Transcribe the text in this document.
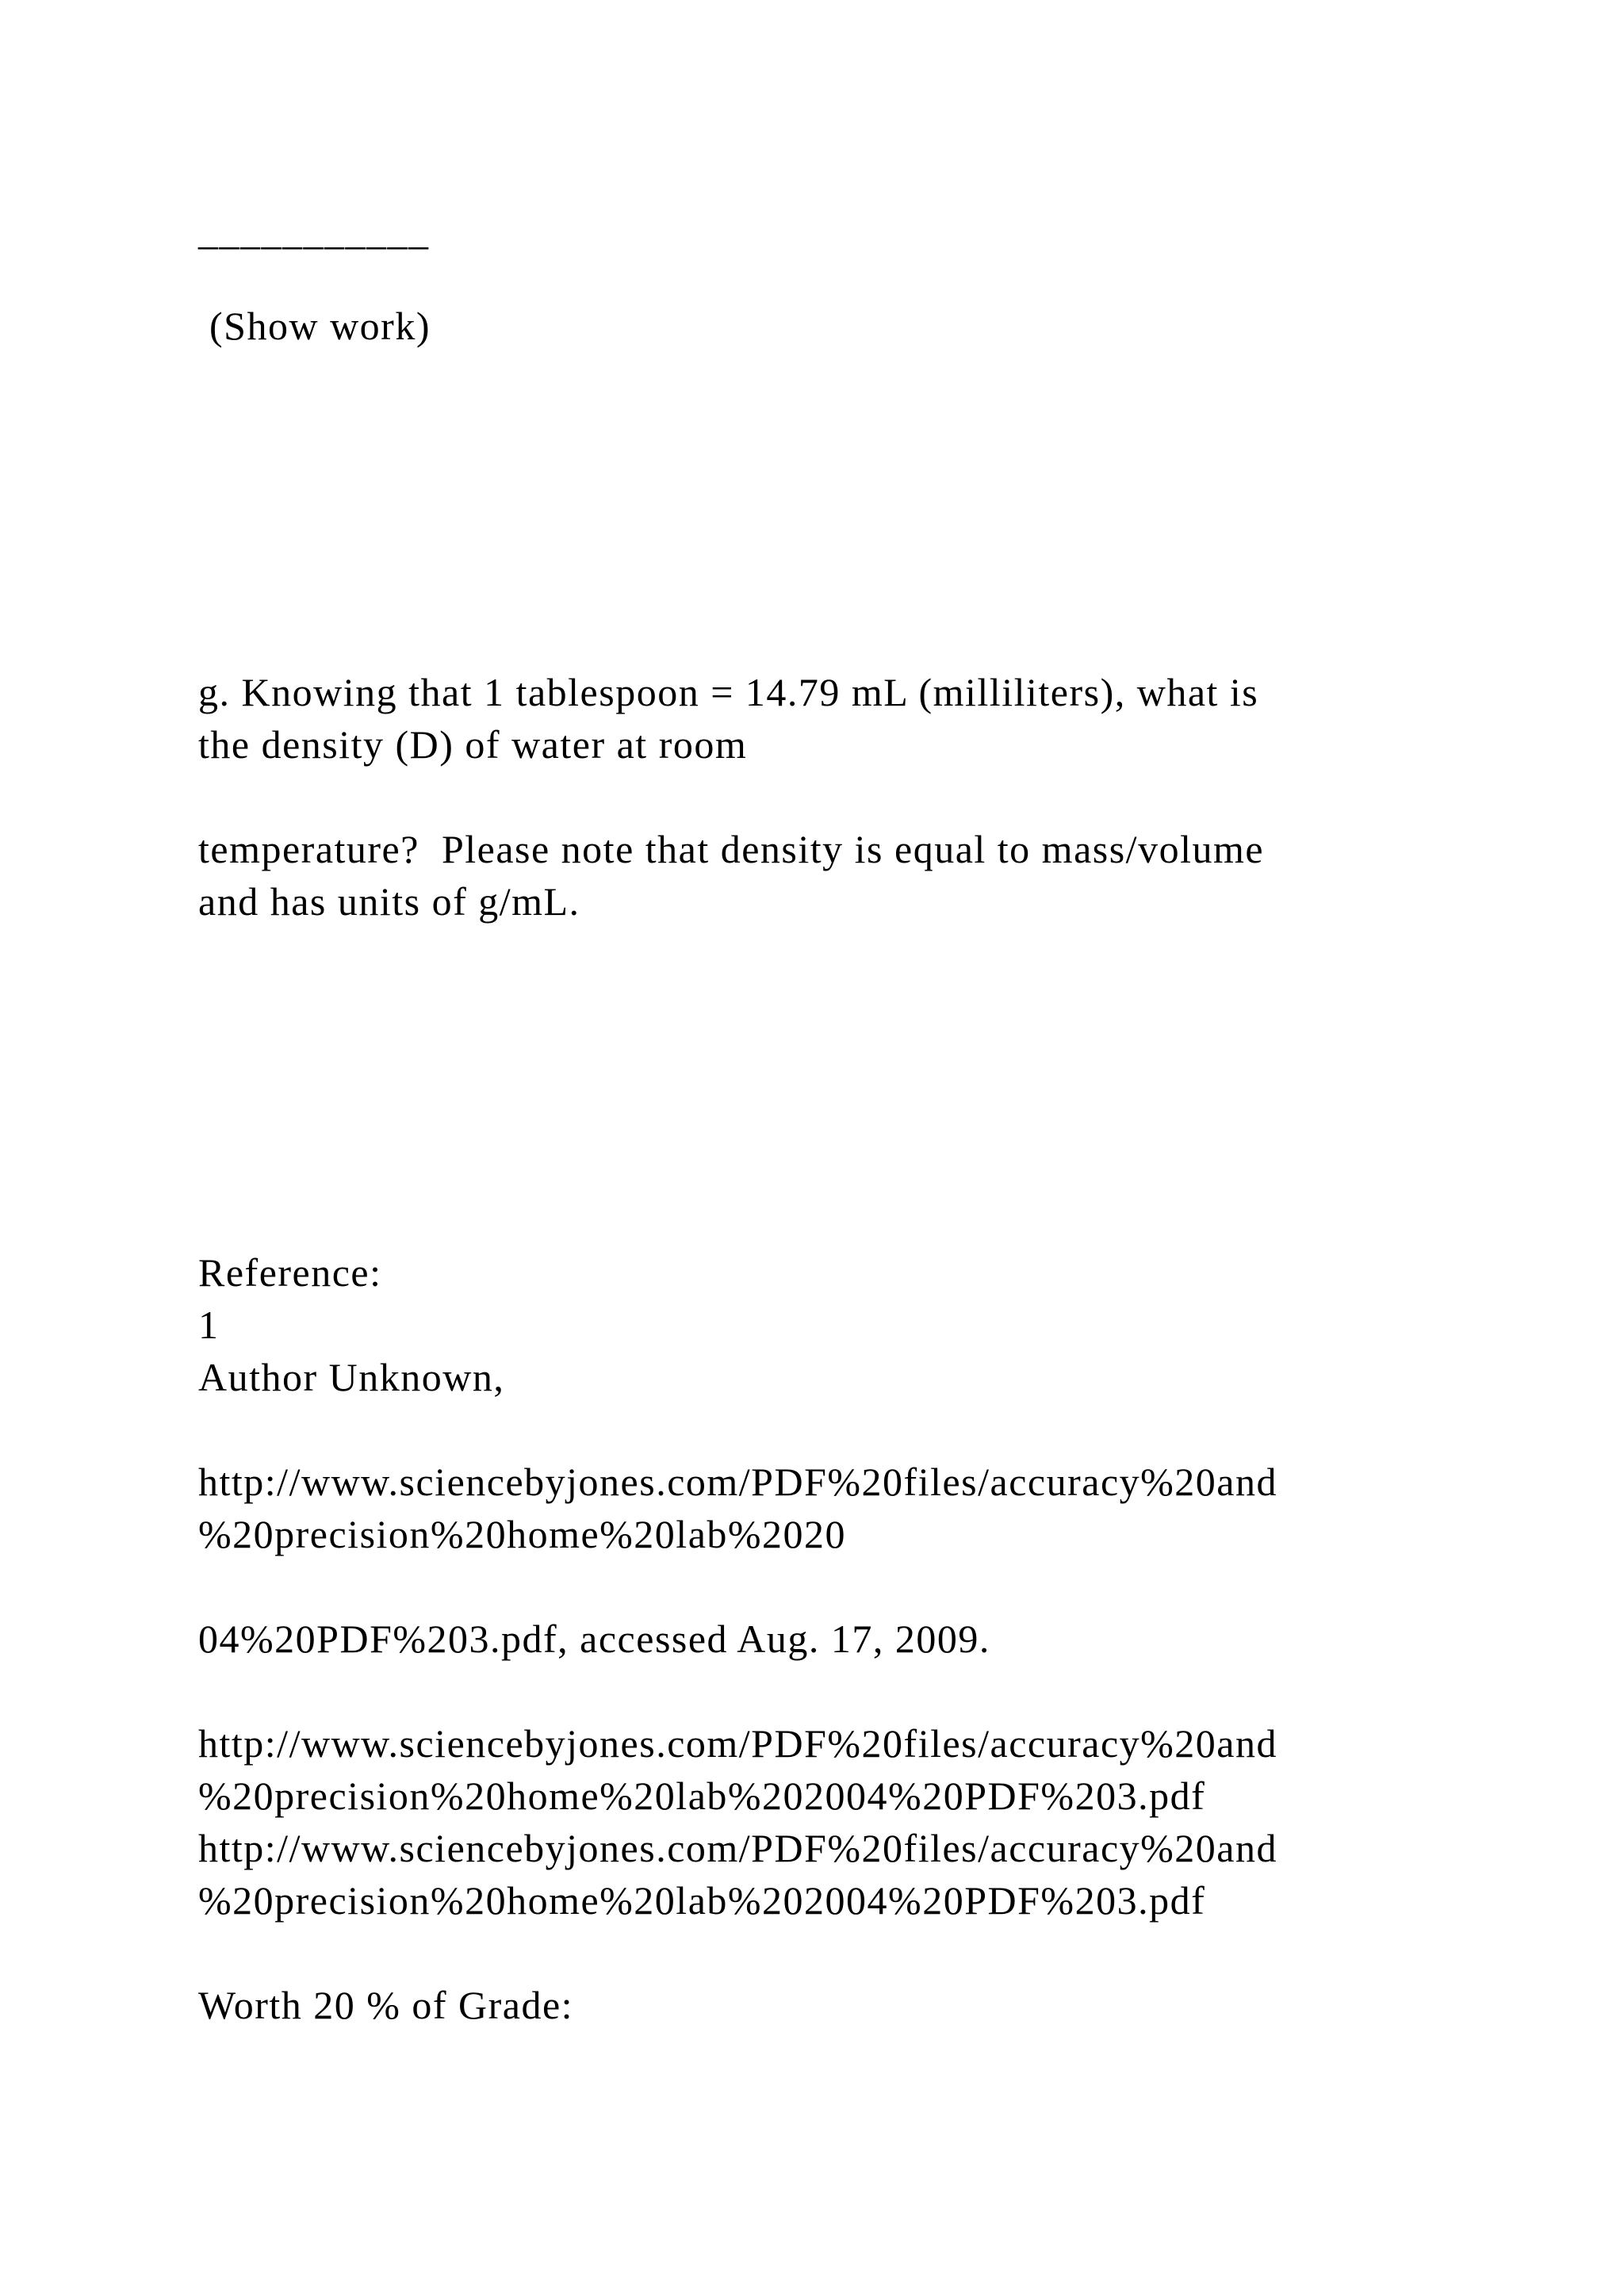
___________

(Show work)

g. Knowing that 1 tablespoon = 14.79 mL (milliliters), what is

the density (D) of water at room

temperature?  Please note that density is equal to mass/volume

and has units of g/mL.

Reference:

1

Author Unknown,

http://www.sciencebyjones.com/PDF%20files/accuracy%20and

%20precision%20home%20lab%2020

04%20PDF%203.pdf, accessed Aug. 17, 2009.

http://www.sciencebyjones.com/PDF%20files/accuracy%20and

%20precision%20home%20lab%202004%20PDF%203.pdf

http://www.sciencebyjones.com/PDF%20files/accuracy%20and

%20precision%20home%20lab%202004%20PDF%203.pdf

Worth 20 % of Grade:
